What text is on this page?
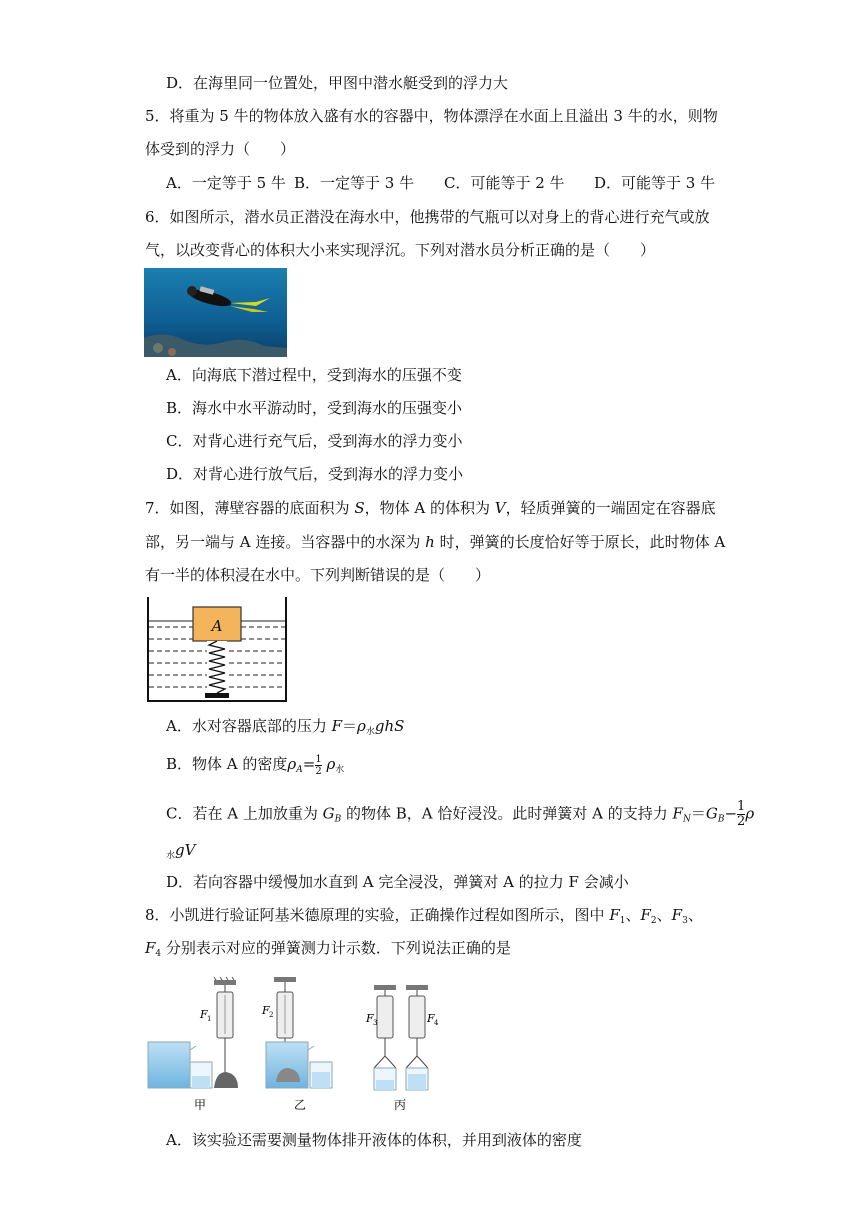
D．在海里同一位置处，甲图中潜水艇受到的浮力大
5．将重为 5 牛的物体放入盛有水的容器中，物体漂浮在水面上且溢出 3 牛的水，则物
体受到的浮力（　　）
A．一定等于 5 牛 B．一定等于 3 牛 C．可能等于 2 牛 D．可能等于 3 牛
6．如图所示，潜水员正潜没在海水中，他携带的气瓶可以对身上的背心进行充气或放
气，以改变背心的体积大小来实现浮沉。下列对潜水员分析正确的是（　　）
A．向海底下潜过程中，受到海水的压强不变
B．海水中水平游动时，受到海水的压强变小
C．对背心进行充气后，受到海水的浮力变小
D．对背心进行放气后，受到海水的浮力变小
7．如图，薄壁容器的底面积为 S，物体 A 的体积为 V，轻质弹簧的一端固定在容器底
部，另一端与 A 连接。当容器中的水深为 h 时，弹簧的长度恰好等于原长，此时物体 A
有一半的体积浸在水中。下列判断错误的是（　　）
A
A．水对容器底部的压力 $F=\rho_水ghS$
B．物体 A 的密度$\rho_A= \frac{1}{2} \rho_水$
C．若在 A 上加放重为 $G_B$ 的物体 B，A 恰好浸没。此时弹簧对 A 的支持力 $F_N=G_B- \frac{1}{2}$ ρ
$_水$gV
D．若向容器中缓慢加水直到 A 完全浸没，弹簧对 A 的拉力 F 会减小
8．小凯进行验证阿基米德原理的实验，正确操作过程如图所示，图中 $F_1$、$F_2$、$F_3$、
$F_4$ 分别表示对应的弹簧测力计示数．下列说法正确的是
F 1
F 2	F 3	F 4
甲	乙	丙
A．该实验还需要测量物体排开液体的体积，并用到液体的密度
